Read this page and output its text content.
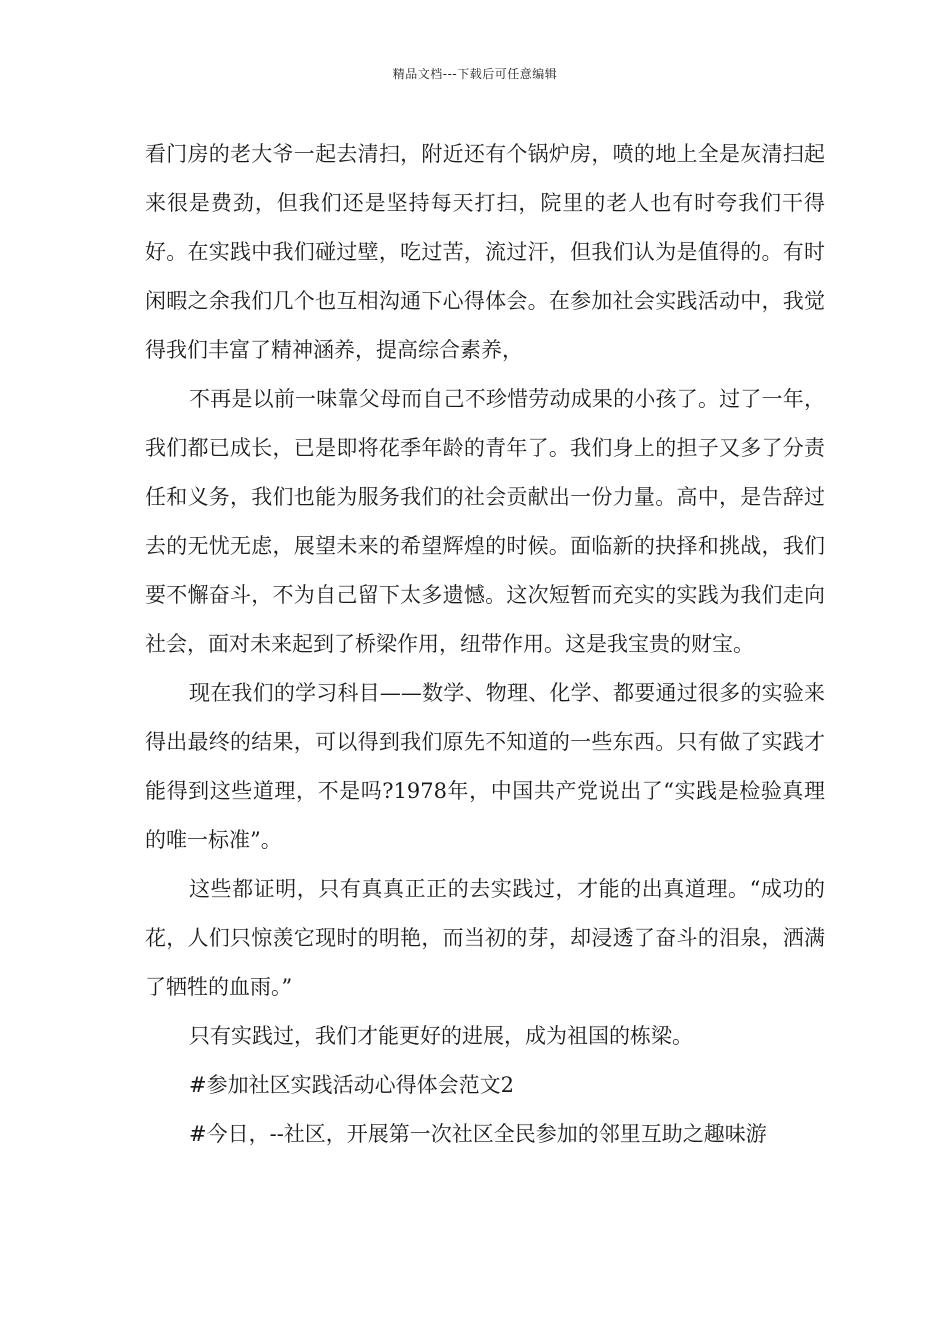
精品文档---下载后可任意编辑

看门房的老大爷一起去清扫，附近还有个锅炉房，喷的地上全是灰清扫起来很是费劲，但我们还是坚持每天打扫，院里的老人也有时夸我们干得好。在实践中我们碰过壁，吃过苦，流过汗，但我们认为是值得的。有时闲暇之余我们几个也互相沟通下心得体会。在参加社会实践活动中，我觉得我们丰富了精神涵养，提高综合素养，

不再是以前一味靠父母而自己不珍惜劳动成果的小孩了。过了一年，我们都已成长，已是即将花季年龄的青年了。我们身上的担子又多了分责任和义务，我们也能为服务我们的社会贡献出一份力量。高中，是告辞过去的无忧无虑，展望未来的希望辉煌的时候。面临新的抉择和挑战，我们要不懈奋斗，不为自己留下太多遗憾。这次短暂而充实的实践为我们走向社会，面对未来起到了桥梁作用，纽带作用。这是我宝贵的财宝。

现在我们的学习科目——数学、物理、化学、都要通过很多的实验来得出最终的结果，可以得到我们原先不知道的一些东西。只有做了实践才能得到这些道理，不是吗?1978年，中国共产党说出了“实践是检验真理的唯一标准”。

这些都证明，只有真真正正的去实践过，才能的出真道理。“成功的花，人们只惊羡它现时的明艳，而当初的芽，却浸透了奋斗的泪泉，洒满了牺牲的血雨。”

只有实践过，我们才能更好的进展，成为祖国的栋梁。

#参加社区实践活动心得体会范文2

#今日，--社区，开展第一次社区全民参加的邻里互助之趣味游
